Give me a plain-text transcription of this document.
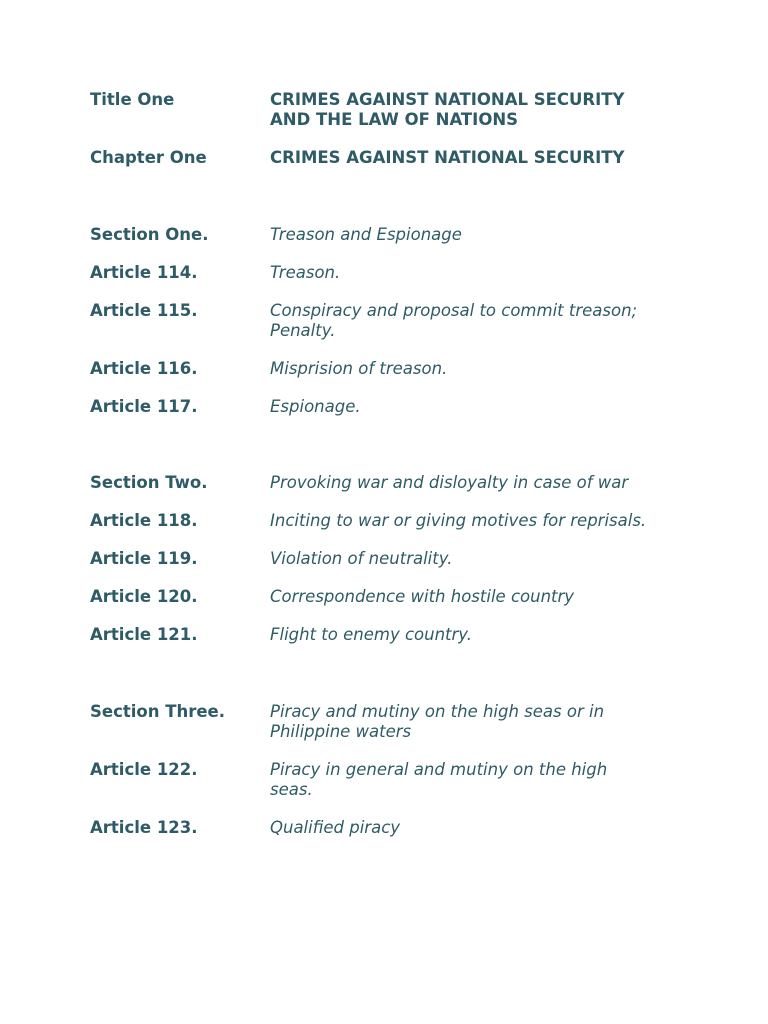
Title One	CRIMES AGAINST NATIONAL SECURITY
AND THE LAW OF NATIONS
Chapter One	CRIMES AGAINST NATIONAL SECURITY
Section One.	Treason and Espionage
Article 114.	Treason.
Article 115.	Conspiracy and proposal to commit treason;
Penalty.
Article 116.	Misprision of treason.
Article 117.	Espionage.
Section Two.	Provoking war and disloyalty in case of war
Article 118.	Inciting to war or giving motives for reprisals.
Article 119.	Violation of neutrality.
Article 120.	Correspondence with hostile country
Article 121.	Flight to enemy country.
Section Three.	Piracy and mutiny on the high seas or in
Philippine waters
Article 122.	Piracy in general and mutiny on the high
seas.
Article 123.	Qualified piracy
